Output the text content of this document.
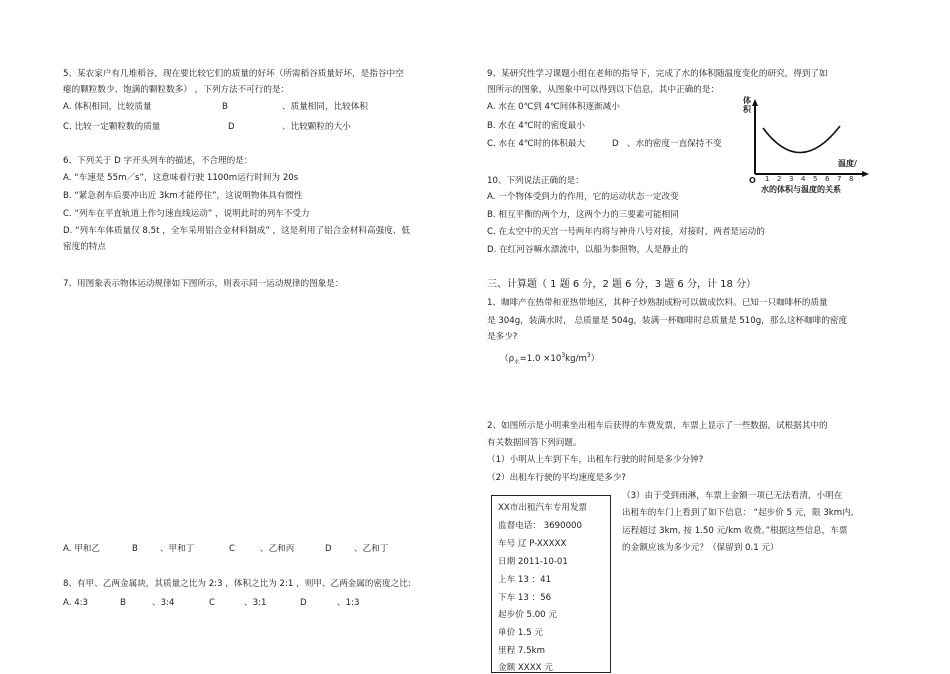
5、某农家户有几堆稻谷，现在要比较它们的质量的好坏（所需稻谷质量好坏，是指谷中空
瘪的颗粒数少、饱满的颗粒数多） ，下列方法不可行的是：
A. 体积相同，比较质量	B	、质量相同，比较体积
C. 比较一定颗粒数的质量	D	、比较颗粒的大小
6、下列关于 D 字开头列车的描述，不合理的是：
A. “车速是 55m／s”，这意味着行驶 1100m运行时间为 20s
B. “紧急刹车后要冲出近 3km才能停住”，这说明物体具有惯性
C. “列车在平直轨道上作匀速直线运动” ，说明此时的列车不受力
D. “列车车体质量仅 8.5t ，全车采用铝合金材料制成” ，这是利用了铝合金材料高强度、低
密度的特点
7、用图象表示物体运动规律如下图所示，则表示同一运动规律的图象是：
A. 甲和乙	B	、甲和丁	C	、乙和丙	D	、乙和丁
8、有甲、乙两金属块，其质量之比为 2:3 ，体积之比为 2:1 ，则甲、乙两金属的密度之比:
A. 4:3	B	、3:4	C	、3:1	D	、1:3
9、某研究性学习课题小组在老师的指导下，完成了水的体积随温度变化的研究，得到了如
图所示的图象，从图象中可以得到以下信息，其中正确的是：
A. 水在 0℃到 4℃间体积逐渐减小
B. 水在 4℃时的密度最小
C. 水在 4℃时的体积最大	D 、水的密度一直保持不变
体积
温度/
O 1 2 3 4 5 6 7 8
水的体积与温度的关系
10、下列说法正确的是：
A. 一个物体受到力的作用，它的运动状态一定改变
B. 相互平衡的两个力，这两个力的三要素可能相同
C. 在太空中的天宫一号两年内将与神舟八号对接，对接时，两者是运动的
D. 在红河谷嘛水漂流中，以船为参照物，人是静止的
三、计算题（ 1 题 6 分，2 题 6 分，3 题 6 分，计 18 分）
1、咖啡产在热带和亚热带地区，其种子炒熟制成粉可以做成饮料。已知一只咖啡杯的质量
是 304g，装满水时， 总质量是 504g，装满一杯咖啡时总质量是 510g，那么这杯咖啡的密度
是多少?
$(\rho_水=1.0 \times 10^3kg/m^3)$
2、如图所示是小明乘坐出租车后获得的车费发票，车票上显示了一些数据，试根据其中的
有关数据回答下列问题。
（1）小明从上车到下车，出租车行驶的时间是多少分钟?
（2）出租车行驶的平均速度是多少?
（3）由于受到雨淋，车票上金额一项已无法看清，小明在
出租车的车门上看到了如下信息： “起步价 5 元，限 3km内,
运程超过 3km, 按 1.50 元/km 收费。”根据这些信息，车票
的金额应该为多少元？（保留到 0.1 元）
XX市出租汽车专用发票
监督电话： 3690000
车号 辽 P-XXXXX
日期 2011-10-01
上车 13 ：41
下车 13 ：56
起步价 5.00 元
单价 1.5 元
里程 7.5km
金额 XXXX 元
